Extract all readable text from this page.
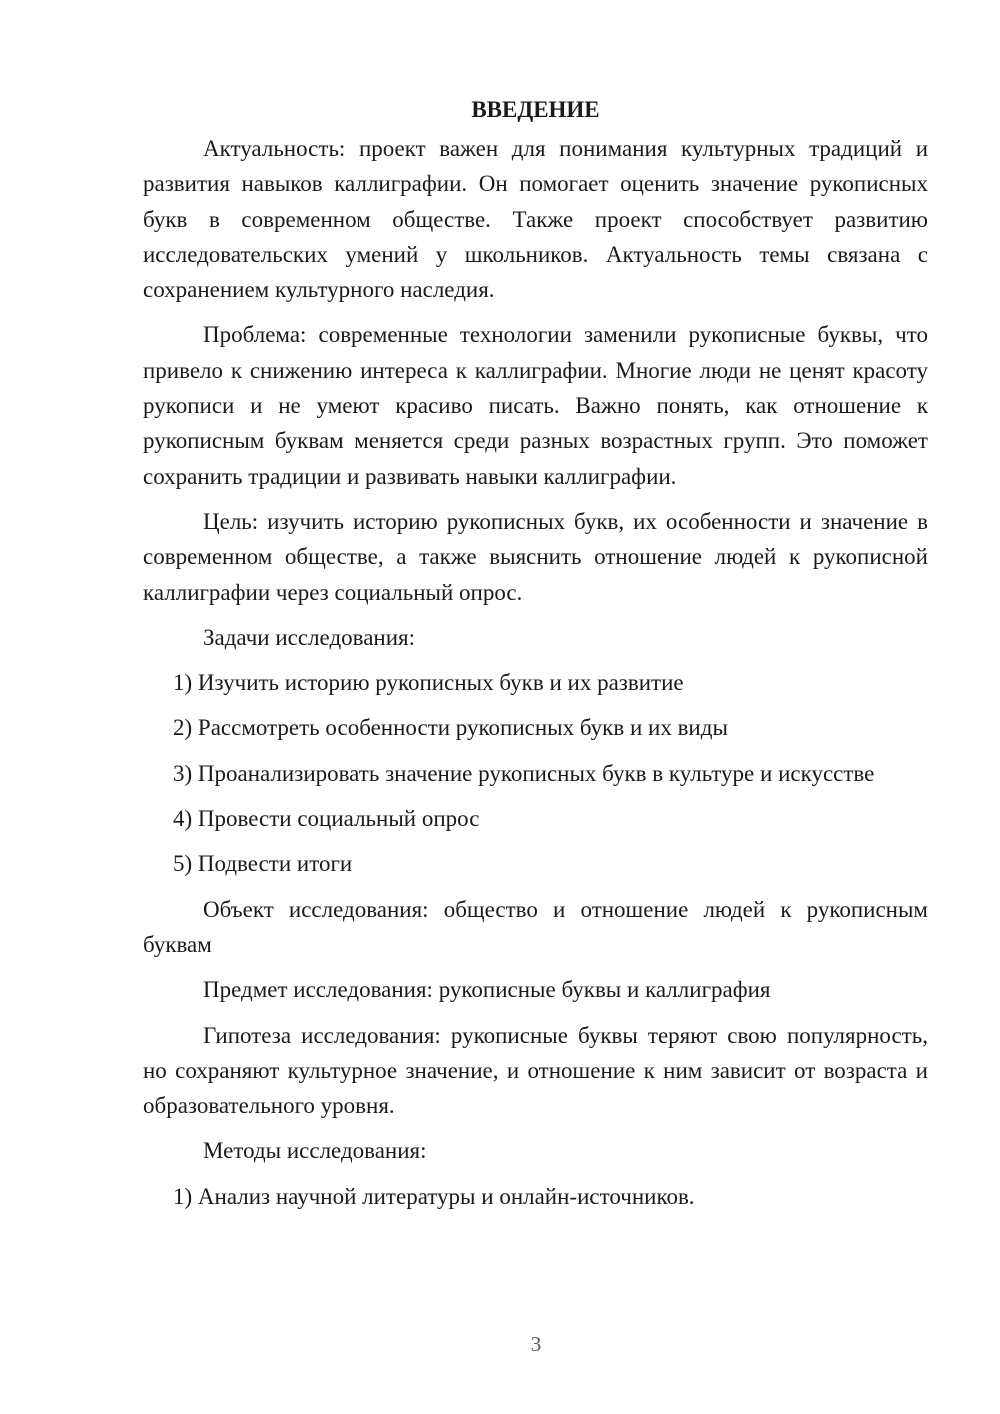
ВВЕДЕНИЕ

Актуальность: проект важен для понимания культурных традиций и развития навыков каллиграфии. Он помогает оценить значение рукописных букв в современном обществе. Также проект способствует развитию исследовательских умений у школьников. Актуальность темы связана с сохранением культурного наследия.

Проблема: современные технологии заменили рукописные буквы, что привело к снижению интереса к каллиграфии. Многие люди не ценят красоту рукописи и не умеют красиво писать. Важно понять, как отношение к рукописным буквам меняется среди разных возрастных групп. Это поможет сохранить традиции и развивать навыки каллиграфии.

Цель: изучить историю рукописных букв, их особенности и значение в современном обществе, а также выяснить отношение людей к рукописной каллиграфии через социальный опрос.

Задачи исследования:

1) Изучить историю рукописных букв и их развитие

2) Рассмотреть особенности рукописных букв и их виды

3) Проанализировать значение рукописных букв в культуре и искусстве

4) Провести социальный опрос

5) Подвести итоги

Объект исследования: общество и отношение людей к рукописным буквам

Предмет исследования: рукописные буквы и каллиграфия

Гипотеза исследования: рукописные буквы теряют свою популярность, но сохраняют культурное значение, и отношение к ним зависит от возраста и образовательного уровня.

Методы исследования:

1) Анализ научной литературы и онлайн-источников.

3
